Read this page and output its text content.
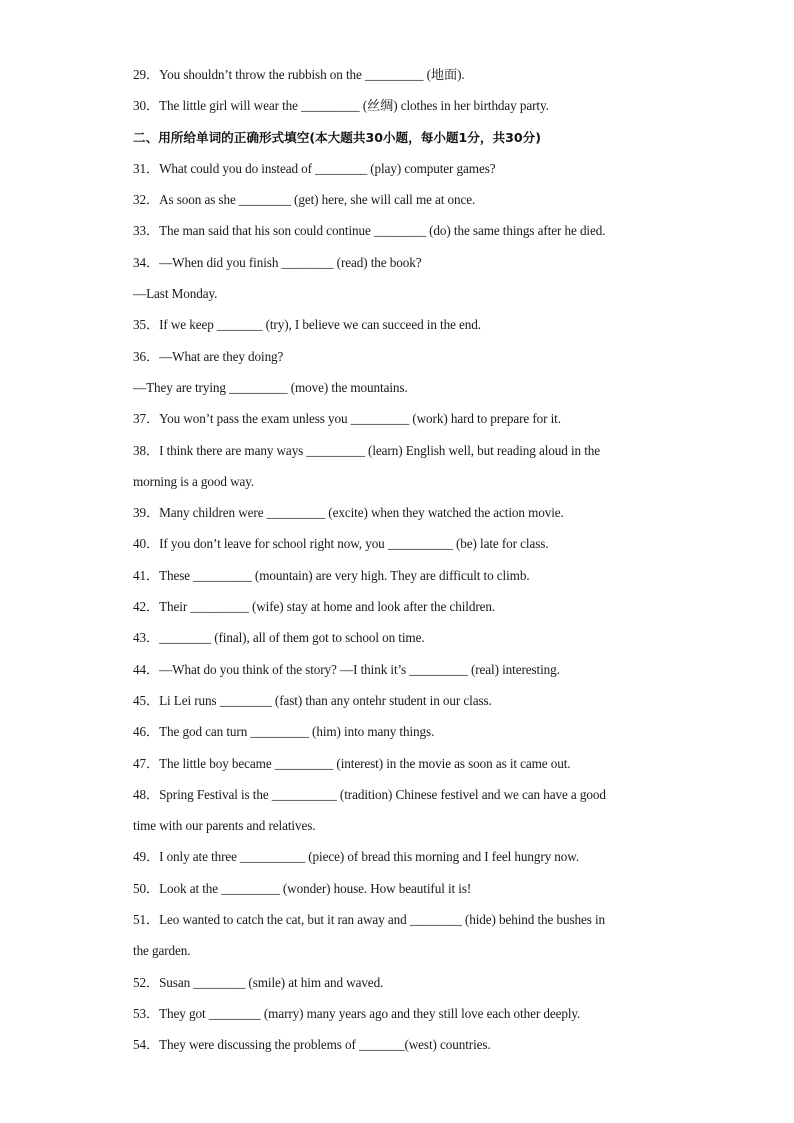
29．You shouldn’t throw the rubbish on the _________ (地面).
30．The little girl will wear the _________ (丝绸) clothes in her birthday party.
二、用所给单词的正确形式填空(本大题共30小题，每小题1分，共30分)
31．What could you do instead of ________ (play) computer games?
32．As soon as she ________ (get) here, she will call me at once.
33．The man said that his son could continue ________ (do) the same things after he died.
34．—When did you finish ________ (read) the book?
—Last Monday.
35．If we keep _______ (try), I believe we can succeed in the end.
36．—What are they doing?
—They are trying _________ (move) the mountains.
37．You won’t pass the exam unless you _________ (work) hard to prepare for it.
38．I think there are many ways _________ (learn) English well, but reading aloud in the
morning is a good way.
39．Many children were _________ (excite) when they watched the action movie.
40．If you don’t leave for school right now, you __________ (be) late for class.
41．These _________ (mountain) are very high. They are difficult to climb.
42．Their _________ (wife) stay at home and look after the children.
43．________ (final), all of them got to school on time.
44．—What do you think of the story? —I think it’s _________ (real) interesting.
45．Li Lei runs ________ (fast) than any ontehr student in our class.
46．The god can turn _________ (him) into many things.
47．The little boy became _________ (interest) in the movie as soon as it came out.
48．Spring Festival is the __________ (tradition) Chinese festivel and we can have a good
time with our parents and relatives.
49．I only ate three __________ (piece) of bread this morning and I feel hungry now.
50．Look at the _________ (wonder) house. How beautiful it is!
51．Leo wanted to catch the cat, but it ran away and ________ (hide) behind the bushes in
the garden.
52．Susan ________ (smile) at him and waved.
53．They got ________ (marry) many years ago and they still love each other deeply.
54．They were discussing the problems of _______(west) countries.
